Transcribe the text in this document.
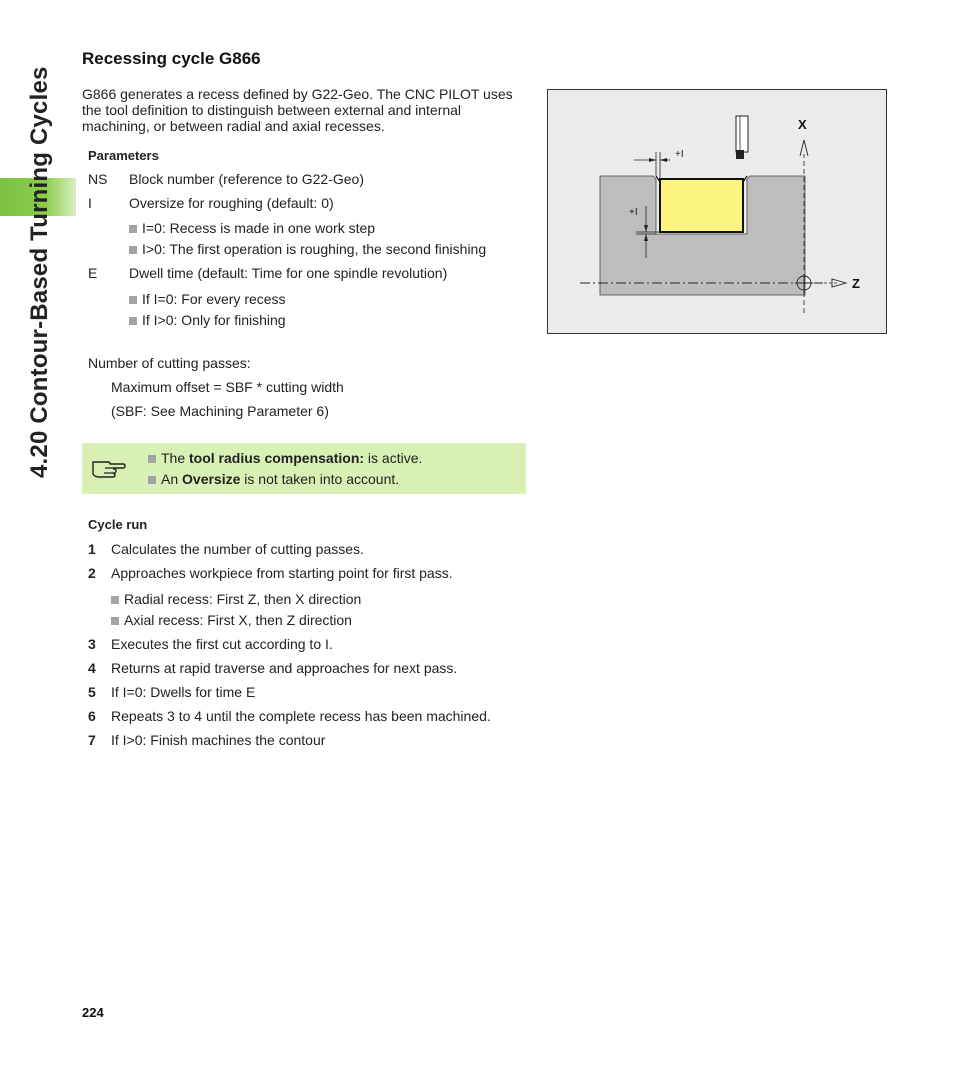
4.20 Contour-Based Turning Cycles
Recessing cycle G866
G866 generates a recess defined by G22-Geo. The CNC PILOT uses the tool definition to distinguish between external and internal machining, or between radial and axial recesses.
Parameters
NS Block number (reference to G22-Geo)
I	Oversize for roughing (default: 0)
I=0: Recess is made in one work step
I>0: The first operation is roughing, the second finishing
E Dwell time (default: Time for one spindle revolution)
If I=0: For every recess
If I>0: Only for finishing
Number of cutting passes:
Maximum offset = SBF * cutting width
(SBF: See Machining Parameter 6)
The tool radius compensation: is active.
An Oversize is not taken into account.
Cycle run
1 Calculates the number of cutting passes.
2 Approaches workpiece from starting point for first pass.
Radial recess: First Z, then X direction
Axial recess: First X, then Z direction
3 Executes the first cut according to I.
4 Returns at rapid traverse and approaches for next pass.
5 If I=0: Dwells for time E
6 Repeats 3 to 4 until the complete recess has been machined.
7 If I>0: Finish machines the contour
X
Z
+I
+I
224
